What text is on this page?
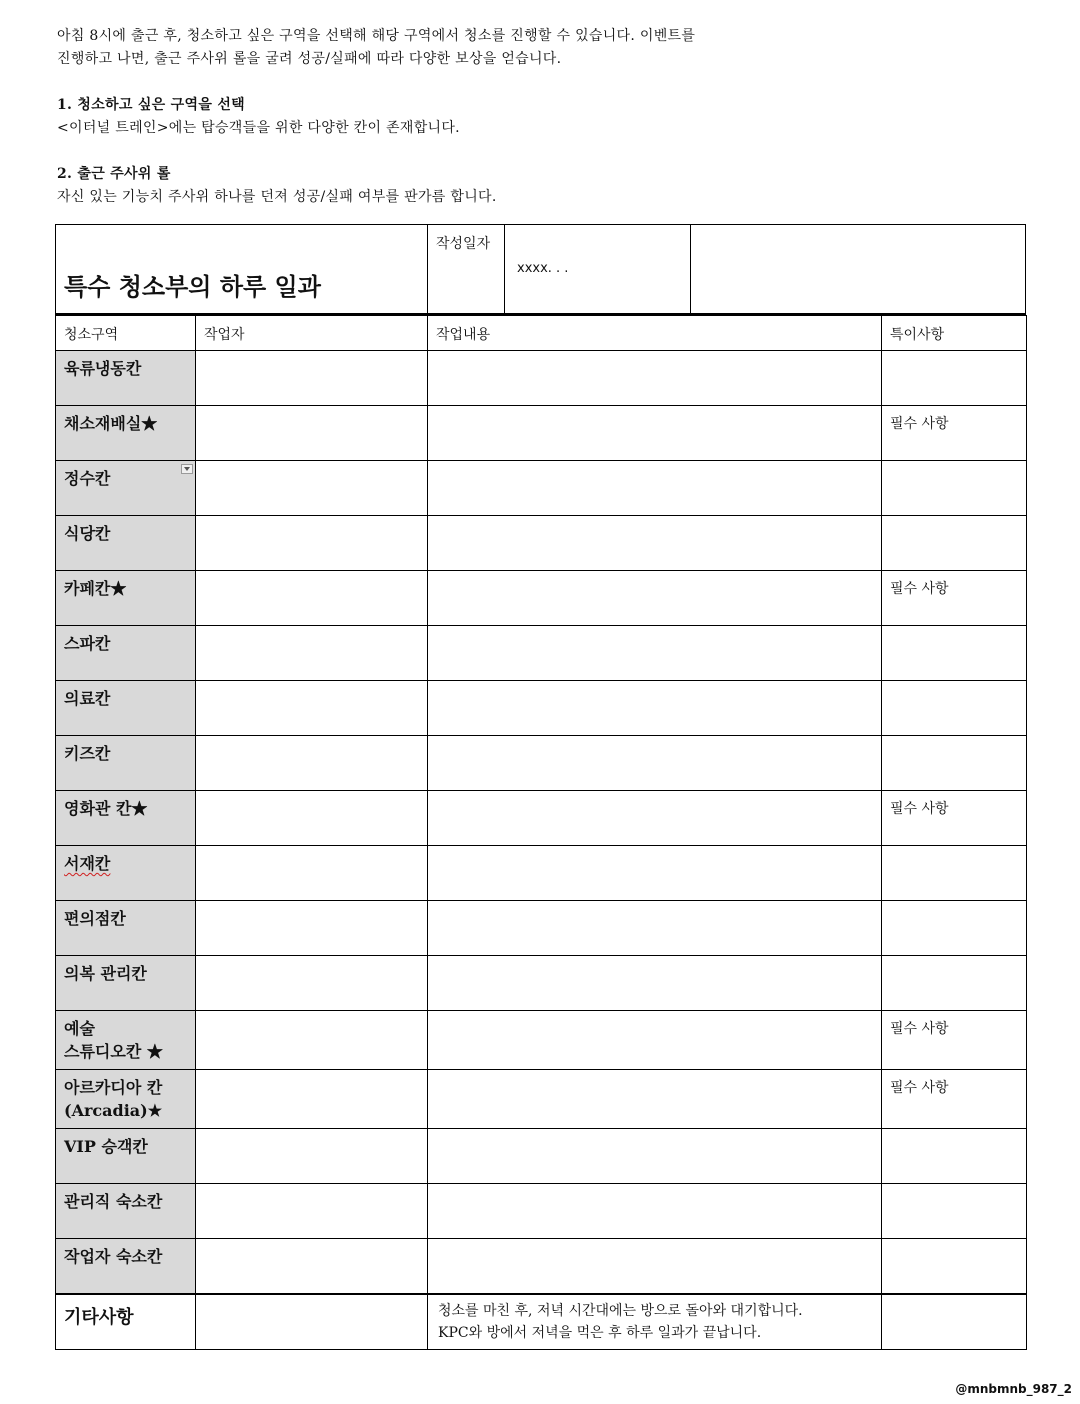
아침 8시에 출근 후, 청소하고 싶은 구역을 선택해 해당 구역에서 청소를 진행할 수 있습니다. 이벤트를

진행하고 나면, 출근 주사위 롤을 굴려 성공/실패에 따라 다양한 보상을 얻습니다.

1. 청소하고 싶은 구역을 선택

<이터널 트레인>에는 탑승객들을 위한 다양한 칸이 존재합니다.

2. 출근 주사위 롤

자신 있는 기능치 주사위 하나를 던져 성공/실패 여부를 판가름 합니다.

특수 청소부의 하루 일과
작성일자
xxxx. . .
청소구역	작업자	작업내용	특이사항
육류냉동칸			
채소재배실★			필수 사항
정수칸

식당칸			
카페칸★			필수 사항
스파칸			
의료칸			
키즈칸			
영화관 칸★			필수 사항
서재칸			
편의점칸			
의복 관리칸			

예술
스튜디오칸 ★			필수 사항

아르카디아 칸
(Arcadia)★			필수 사항
VIP 승객칸			
관리직 숙소칸			
작업자 숙소칸			
기타사항		청소를 마친 후, 저녁 시간대에는 방으로 돌아와 대기합니다.
KPC와 방에서 저녁을 먹은 후 하루 일과가 끝납니다.	

@mnbmnb_987_2
